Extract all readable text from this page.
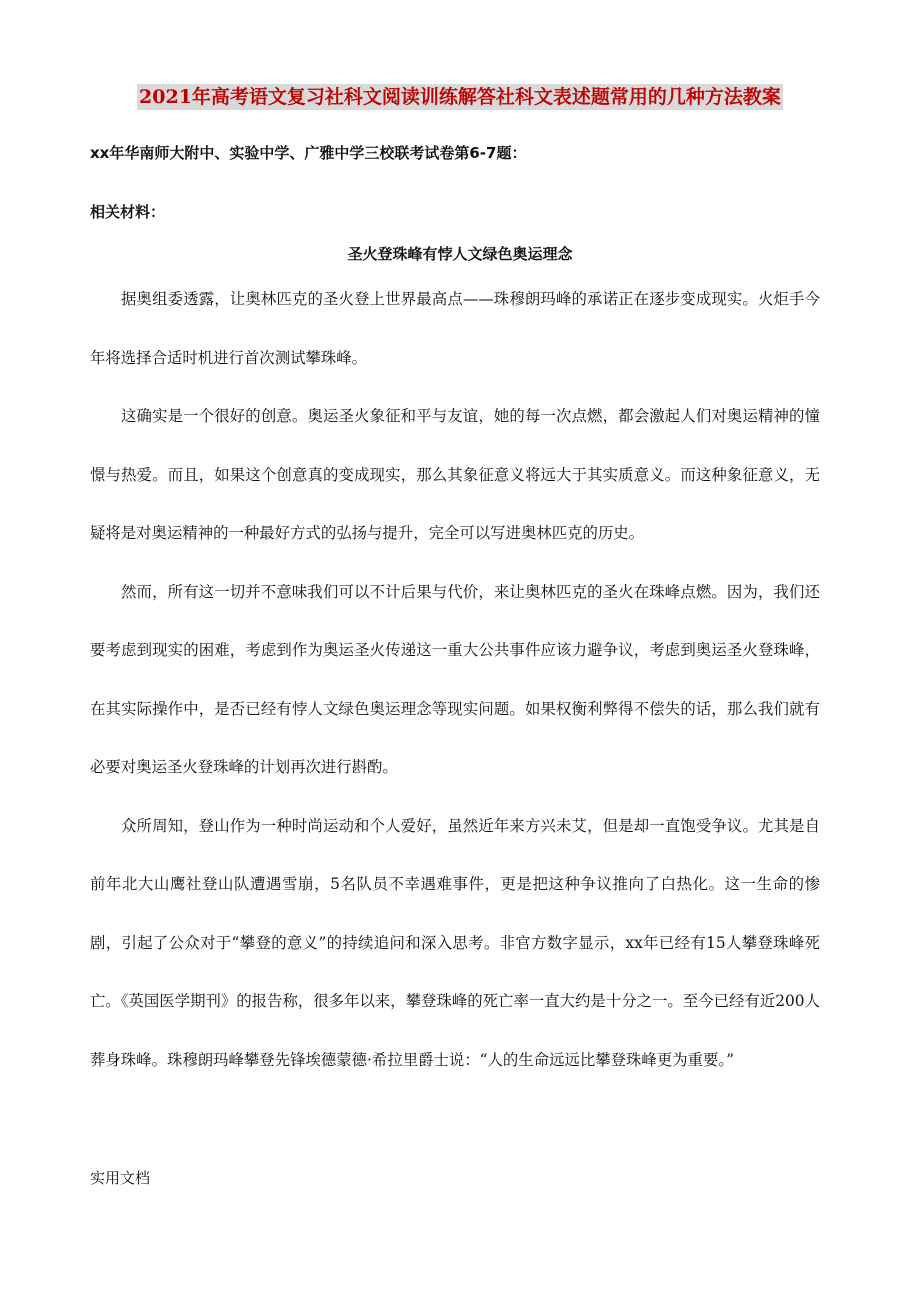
2021年高考语文复习社科文阅读训练解答社科文表述题常用的几种方法教案
xx年华南师大附中、实验中学、广雅中学三校联考试卷第6-7题：
相关材料：
圣火登珠峰有悖人文绿色奥运理念

据奥组委透露，让奥林匹克的圣火登上世界最高点——珠穆朗玛峰的承诺正在逐步变成现实。火炬手今年将选择合适时机进行首次测试攀珠峰。

这确实是一个很好的创意。奥运圣火象征和平与友谊，她的每一次点燃，都会激起人们对奥运精神的憧憬与热爱。而且，如果这个创意真的变成现实，那么其象征意义将远大于其实质意义。而这种象征意义，无疑将是对奥运精神的一种最好方式的弘扬与提升，完全可以写进奥林匹克的历史。

然而，所有这一切并不意味我们可以不计后果与代价，来让奥林匹克的圣火在珠峰点燃。因为，我们还要考虑到现实的困难，考虑到作为奥运圣火传递这一重大公共事件应该力避争议，考虑到奥运圣火登珠峰，在其实际操作中，是否已经有悖人文绿色奥运理念等现实问题。如果权衡利弊得不偿失的话，那么我们就有必要对奥运圣火登珠峰的计划再次进行斟酌。

众所周知，登山作为一种时尚运动和个人爱好，虽然近年来方兴未艾，但是却一直饱受争议。尤其是自前年北大山鹰社登山队遭遇雪崩，5名队员不幸遇难事件，更是把这种争议推向了白热化。这一生命的惨剧，引起了公众对于“攀登的意义”的持续追问和深入思考。非官方数字显示，xx年已经有15人攀登珠峰死亡。《英国医学期刊》的报告称，很多年以来，攀登珠峰的死亡率一直大约是十分之一。至今已经有近200人葬身珠峰。珠穆朗玛峰攀登先锋埃德蒙德·希拉里爵士说：“人的生命远远比攀登珠峰更为重要。”

实用文档
